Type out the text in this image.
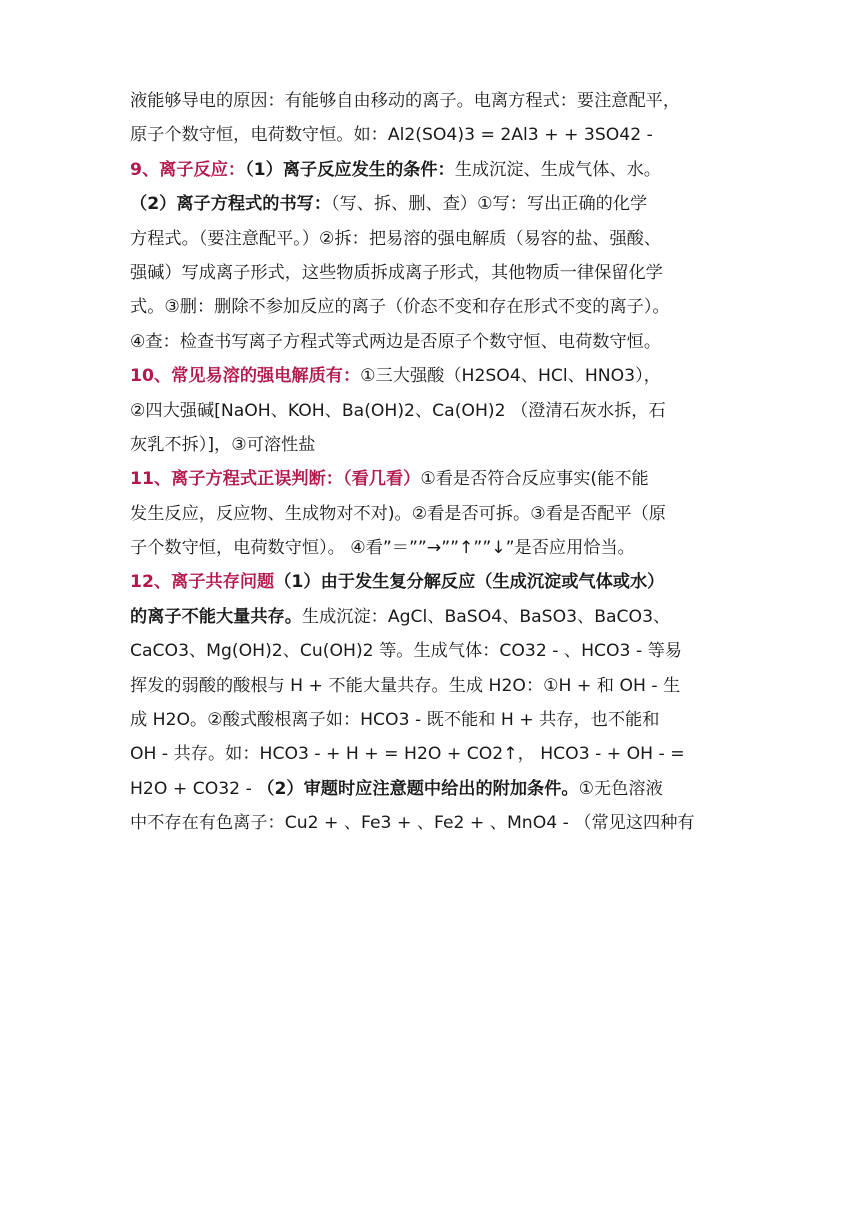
液能够导电的原因：有能够自由移动的离子。电离方程式：要注意配平，
原子个数守恒，电荷数守恒。如：Al2(SO4)3 = 2Al3 + + 3SO42 -
9、离子反应：（1）离子反应发生的条件：生成沉淀、生成气体、水。
（2）离子方程式的书写：（写、拆、删、查）①写：写出正确的化学
方程式。（要注意配平。）②拆：把易溶的强电解质（易容的盐、强酸、
强碱）写成离子形式，这些物质拆成离子形式，其他物质一律保留化学
式。③删：删除不参加反应的离子（价态不变和存在形式不变的离子）。
④查：检查书写离子方程式等式两边是否原子个数守恒、电荷数守恒。
10、常见易溶的强电解质有：①三大强酸（H2SO4、HCl、HNO3），
②四大强碱[NaOH、KOH、Ba(OH)2、Ca(OH)2 （澄清石灰水拆，石
灰乳不拆）]，③可溶性盐
11、离子方程式正误判断：（看几看）①看是否符合反应事实(能不能
发生反应，反应物、生成物对不对)。②看是否可拆。③看是否配平（原
子个数守恒，电荷数守恒）。 ④看”＝””→””↑””↓”是否应用恰当。
12、离子共存问题（1）由于发生复分解反应（生成沉淀或气体或水）
的离子不能大量共存。生成沉淀：AgCl、BaSO4、BaSO3、BaCO3、
CaCO3、Mg(OH)2、Cu(OH)2 等。生成气体：CO32 - 、HCO3 - 等易
挥发的弱酸的酸根与 H + 不能大量共存。生成 H2O：①H + 和 OH - 生
成 H2O。②酸式酸根离子如：HCO3 - 既不能和 H + 共存，也不能和
OH - 共存。如：HCO3 - + H + = H2O + CO2↑， HCO3 - + OH - =
H2O + CO32 - （2）审题时应注意题中给出的附加条件。①无色溶液
中不存在有色离子：Cu2 + 、Fe3 + 、Fe2 + 、MnO4 - （常见这四种有
